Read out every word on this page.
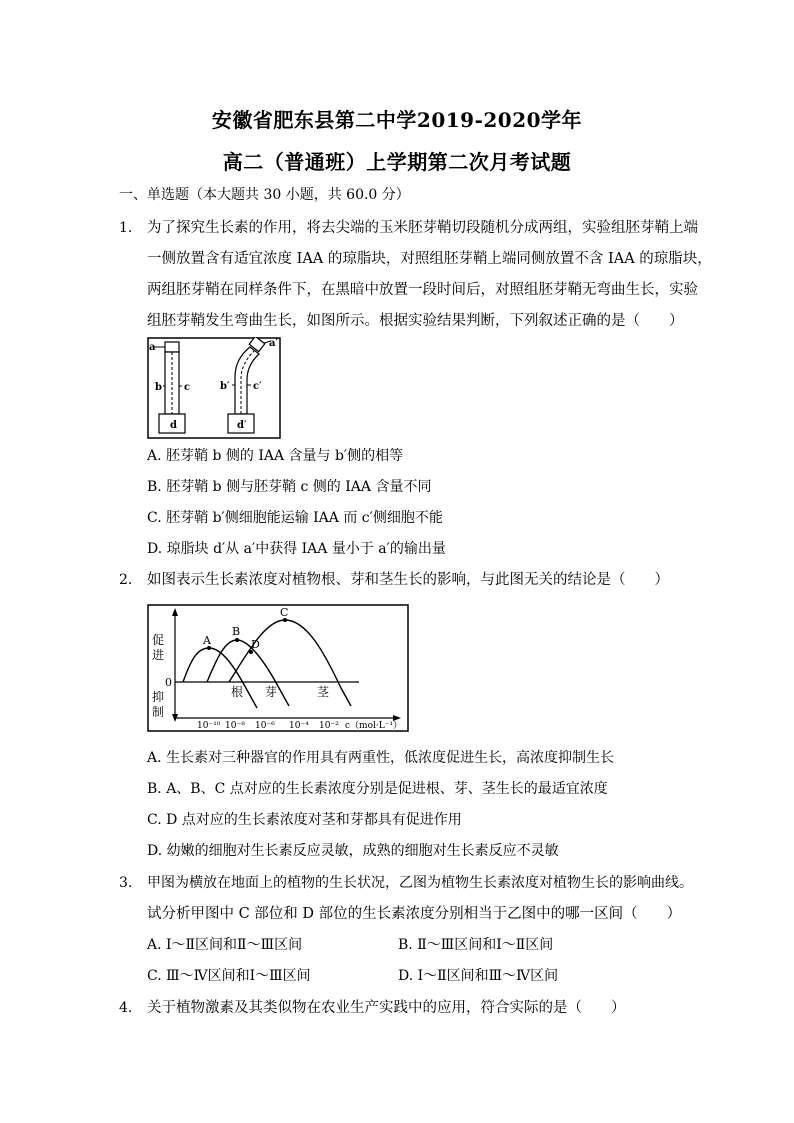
安徽省肥东县第二中学2019-2020学年
高二（普通班）上学期第二次月考试题
一、单选题（本大题共 30 小题，共 60.0 分）
1. 为了探究生长素的作用，将去尖端的玉米胚芽鞘切段随机分成两组，实验组胚芽鞘上端
一侧放置含有适宜浓度 IAA 的琼脂块，对照组胚芽鞘上端同侧放置不含 IAA 的琼脂块，
两组胚芽鞘在同样条件下，在黑暗中放置一段时间后，对照组胚芽鞘无弯曲生长，实验
组胚芽鞘发生弯曲生长，如图所示。根据实验结果判断，下列叙述正确的是（　　）
a
b c
d
a′
b′ c′
d′
A. 胚芽鞘 b 侧的 IAA 含量与 b′侧的相等
B. 胚芽鞘 b 侧与胚芽鞘 c 侧的 IAA 含量不同
C. 胚芽鞘 b′侧细胞能运输 IAA 而 c′侧细胞不能
D. 琼脂块 d′从 a′中获得 IAA 量小于 a′的输出量
2. 如图表示生长素浓度对植物根、芽和茎生长的影响，与此图无关的结论是（　　）
促
进
0
抑
制
A
B
C
D
根 芽	茎
10⁻¹⁰ 10⁻⁸ 10⁻⁶ 10⁻⁴ 10⁻² c（mol·L⁻¹）
A. 生长素对三种器官的作用具有两重性，低浓度促进生长，高浓度抑制生长
B. A、B、C 点对应的生长素浓度分别是促进根、芽、茎生长的最适宜浓度
C. D 点对应的生长素浓度对茎和芽都具有促进作用
D. 幼嫩的细胞对生长素反应灵敏，成熟的细胞对生长素反应不灵敏
3. 甲图为横放在地面上的植物的生长状况，乙图为植物生长素浓度对植物生长的影响曲线。
试分析甲图中 C 部位和 D 部位的生长素浓度分别相当于乙图中的哪一区间（　　）
A. Ⅰ～Ⅱ区间和Ⅱ～Ⅲ区间	B. Ⅱ～Ⅲ区间和Ⅰ～Ⅱ区间
C. Ⅲ～Ⅳ区间和Ⅰ～Ⅲ区间	D. Ⅰ～Ⅱ区间和Ⅲ～Ⅳ区间
4. 关于植物激素及其类似物在农业生产实践中的应用，符合实际的是（　　）
